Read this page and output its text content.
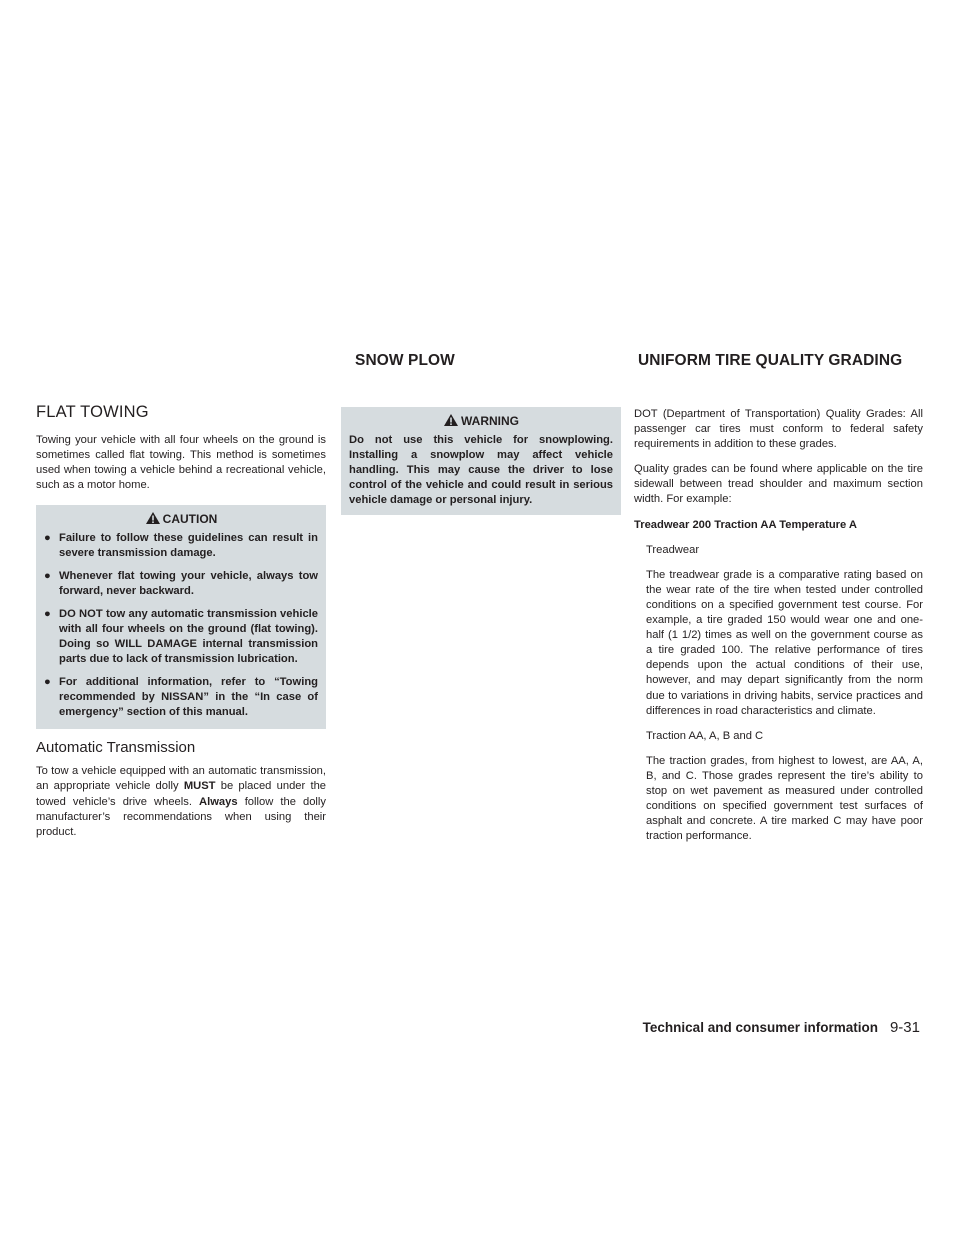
SNOW PLOW	UNIFORM TIRE QUALITY GRADING
FLAT TOWING

Towing your vehicle with all four wheels on the ground is sometimes called flat towing. This method is sometimes used when towing a vehicle behind a recreational vehicle, such as a motor home.

CAUTION
● Failure to follow these guidelines can result in severe transmission damage.
● Whenever flat towing your vehicle, always tow forward, never backward.
● DO NOT tow any automatic transmission vehicle with all four wheels on the ground (flat towing). Doing so WILL DAMAGE internal transmission parts due to lack of transmission lubrication.
● For additional information, refer to “Towing recommended by NISSAN” in the “In case of emergency” section of this manual.
Automatic Transmission

To tow a vehicle equipped with an automatic transmission, an appropriate vehicle dolly MUST be placed under the towed vehicle’s drive wheels. Always follow the dolly manufacturer’s recommendations when using their product.

WARNING

Do not use this vehicle for snowplowing. Installing a snowplow may affect vehicle handling. This may cause the driver to lose control of the vehicle and could result in serious vehicle damage or personal injury.

DOT (Department of Transportation) Quality Grades: All passenger car tires must conform to federal safety requirements in addition to these grades.

Quality grades can be found where applicable on the tire sidewall between tread shoulder and maximum section width. For example:

Treadwear 200 Traction AA Temperature A

Treadwear

The treadwear grade is a comparative rating based on the wear rate of the tire when tested under controlled conditions on a specified government test course. For example, a tire graded 150 would wear one and one-half (1 1/2) times as well on the government course as a tire graded 100. The relative performance of tires depends upon the actual conditions of their use, however, and may depart significantly from the norm due to variations in driving habits, service practices and differences in road characteristics and climate.

Traction AA, A, B and C

The traction grades, from highest to lowest, are AA, A, B, and C. Those grades represent the tire’s ability to stop on wet pavement as measured under controlled conditions on specified government test surfaces of asphalt and concrete. A tire marked C may have poor traction performance.

Technical and consumer information 9-31
